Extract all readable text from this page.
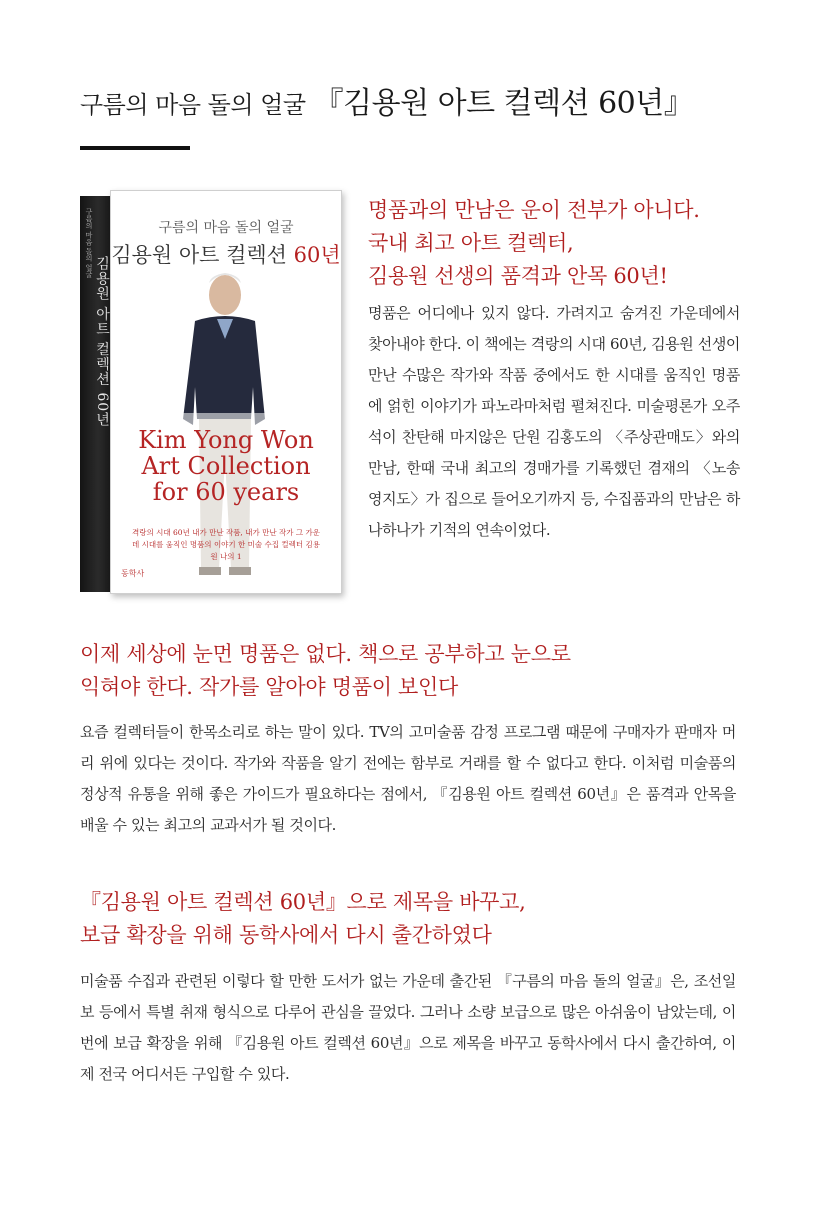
구름의 마음 돌의 얼굴 『김용원 아트 컬렉션 60년』
구름의 마음 돌의 얼굴
김용원 아트 컬렉션 60년
구름의 마음 돌의 얼굴
김용원 아트 컬렉션 60년
Kim Yong Won
Art Collection
for 60 years
격랑의 시대 60년 내가 만난 작품, 내가 만난 작가 그 가운데 시대를 움직인 명품의 이야기 한 미술 수집 컬렉터 김용원 나의 1
동학사
명품과의 만남은 운이 전부가 아니다.
국내 최고 아트 컬렉터,
김용원 선생의 품격과 안목 60년!
명품은 어디에나 있지 않다. 가려지고 숨겨진 가운데에서 찾아내야 한다. 이 책에는 격랑의 시대 60년, 김용원 선생이 만난 수많은 작가와 작품 중에서도 한 시대를 움직인 명품에 얽힌 이야기가 파노라마처럼 펼쳐진다. 미술평론가 오주석이 찬탄해 마지않은 단원 김홍도의 〈주상관매도〉와의 만남, 한때 국내 최고의 경매가를 기록했던 겸재의 〈노송영지도〉가 집으로 들어오기까지 등, 수집품과의 만남은 하나하나가 기적의 연속이었다.
이제 세상에 눈먼 명품은 없다. 책으로 공부하고 눈으로
익혀야 한다. 작가를 알아야 명품이 보인다
요즘 컬렉터들이 한목소리로 하는 말이 있다. TV의 고미술품 감정 프로그램 때문에 구매자가 판매자 머리 위에 있다는 것이다. 작가와 작품을 알기 전에는 함부로 거래를 할 수 없다고 한다. 이처럼 미술품의 정상적 유통을 위해 좋은 가이드가 필요하다는 점에서, 『김용원 아트 컬렉션 60년』은 품격과 안목을 배울 수 있는 최고의 교과서가 될 것이다.
『김용원 아트 컬렉션 60년』으로 제목을 바꾸고,
보급 확장을 위해 동학사에서 다시 출간하였다
미술품 수집과 관련된 이렇다 할 만한 도서가 없는 가운데 출간된 『구름의 마음 돌의 얼굴』은, 조선일보 등에서 특별 취재 형식으로 다루어 관심을 끌었다. 그러나 소량 보급으로 많은 아쉬움이 남았는데, 이번에 보급 확장을 위해 『김용원 아트 컬렉션 60년』으로 제목을 바꾸고 동학사에서 다시 출간하여, 이제 전국 어디서든 구입할 수 있다.
